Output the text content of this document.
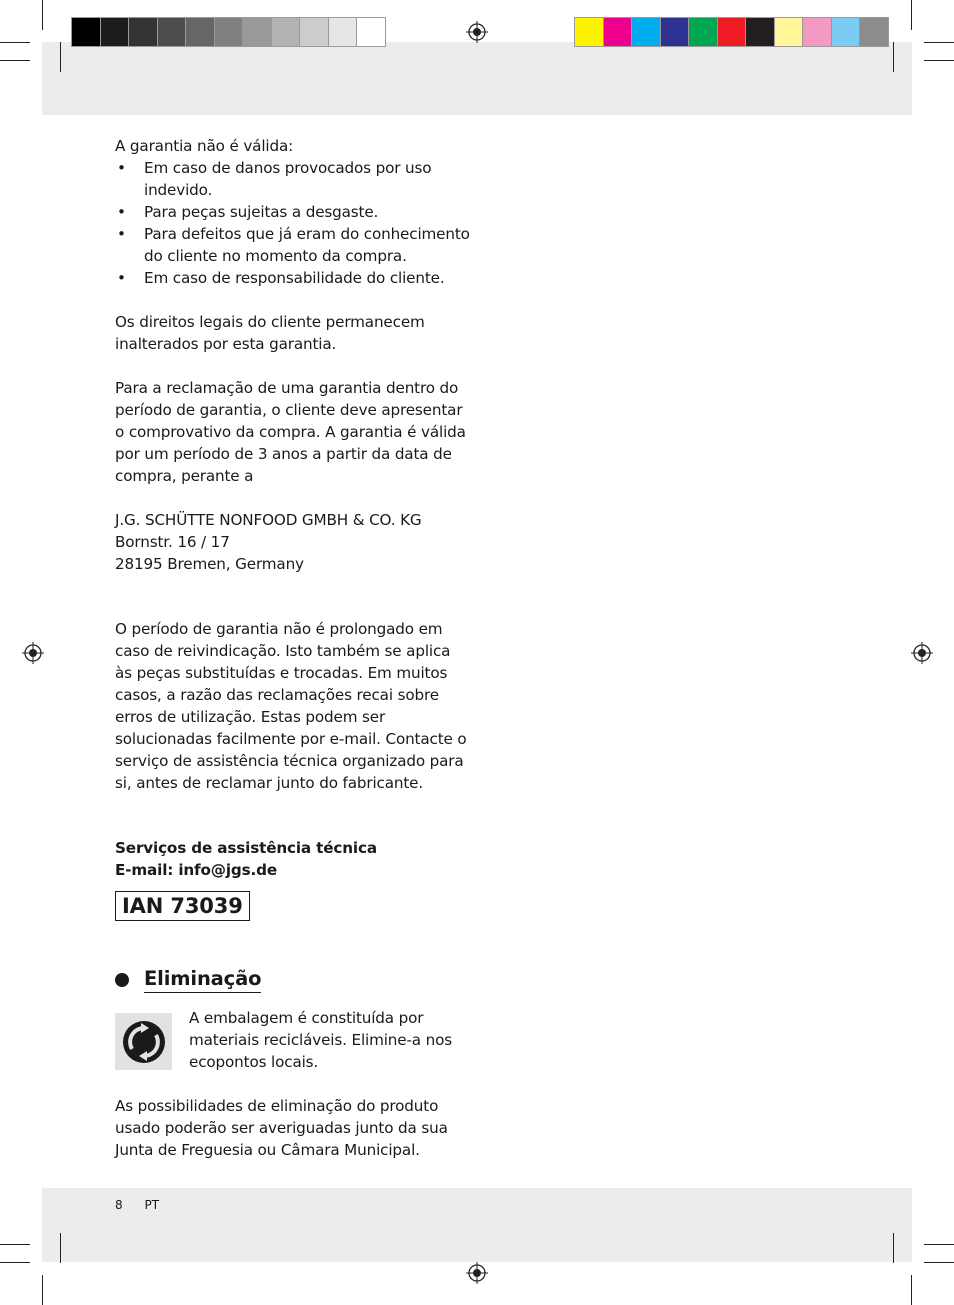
A garantia não é válida:

• Em caso de danos provocados por uso indevido.
• Para peças sujeitas a desgaste.
• Para defeitos que já eram do conhecimento do cliente no momento da compra.
• Em caso de responsabilidade do cliente.

Os direitos legais do cliente permanecem inalterados por esta garantia.

Para a reclamação de uma garantia dentro do período de garantia, o cliente deve apresentar o comprovativo da compra. A garantia é válida por um período de 3 anos a partir da data de compra, perante a

J.G. SCHÜTTE NONFOOD GMBH & CO. KG

Bornstr. 16 / 17

28195 Bremen, Germany

O período de garantia não é prolongado em caso de reivindicação. Isto também se aplica às peças substituídas e trocadas. Em muitos casos, a razão das reclamações recai sobre erros de utilização. Estas podem ser solucionadas facilmente por e-mail. Contacte o serviço de assistência técnica organizado para si, antes de reclamar junto do fabricante.

Serviços de assistência técnica

E-mail: info@jgs.de

IAN 73039
Eliminação

A embalagem é constituída por materiais recicláveis. Elimine-a nos ecopontos locais.

As possibilidades de eliminação do produto usado poderão ser averiguadas junto da sua Junta de Freguesia ou Câmara Municipal.

8 PT
